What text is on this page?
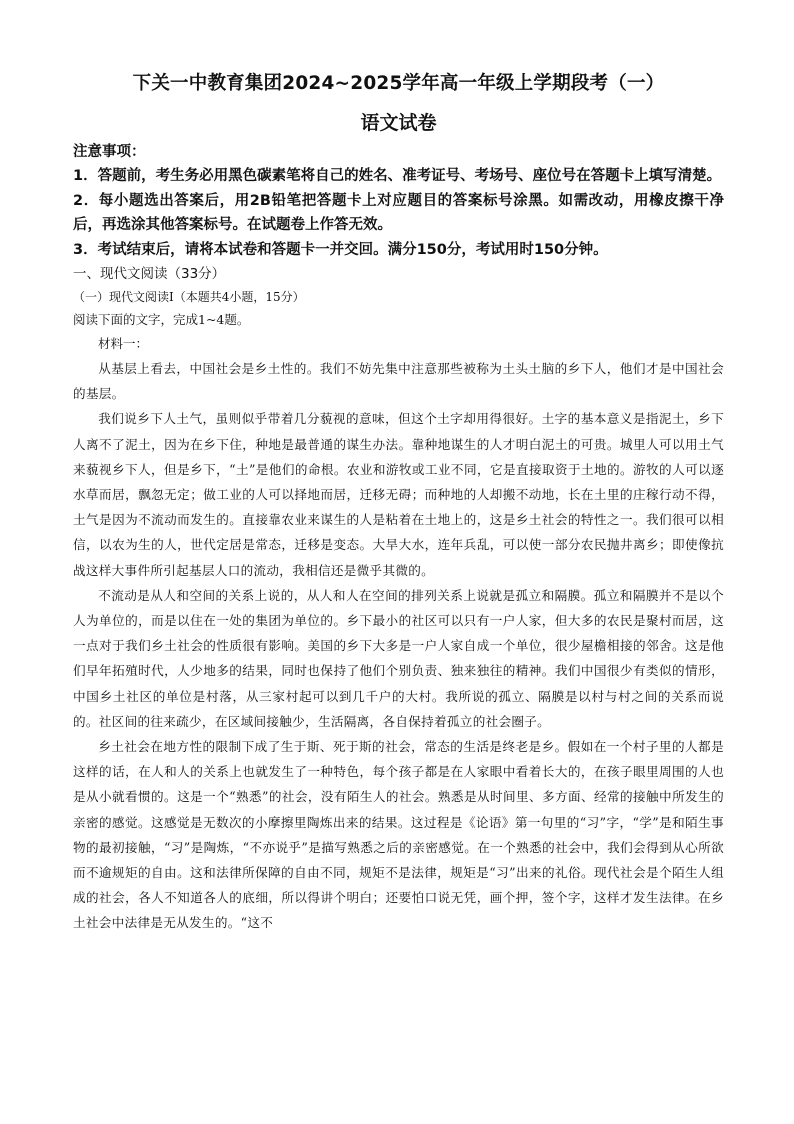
下关一中教育集团2024~2025学年高一年级上学期段考（一）
语文试卷
注意事项：
1．答题前，考生务必用黑色碳素笔将自己的姓名、准考证号、考场号、座位号在答题卡上填写清楚。
2．每小题选出答案后，用2B铅笔把答题卡上对应题目的答案标号涂黑。如需改动，用橡皮擦干净后，再选涂其他答案标号。在试题卷上作答无效。
3．考试结束后，请将本试卷和答题卡一并交回。满分150分，考试用时150分钟。
一、现代文阅读（33分）
（一）现代文阅读I（本题共4小题，15分）
阅读下面的文字，完成1~4题。
材料一：

从基层上看去，中国社会是乡土性的。我们不妨先集中注意那些被称为土头土脑的乡下人，他们才是中国社会的基层。

我们说乡下人土气，虽则似乎带着几分藐视的意味，但这个土字却用得很好。土字的基本意义是指泥土，乡下人离不了泥土，因为在乡下住，种地是最普通的谋生办法。靠种地谋生的人才明白泥土的可贵。城里人可以用土气来藐视乡下人，但是乡下，“土”是他们的命根。农业和游牧或工业不同，它是直接取资于土地的。游牧的人可以逐水草而居，飘忽无定；做工业的人可以择地而居，迁移无碍；而种地的人却搬不动地，长在土里的庄稼行动不得，土气是因为不流动而发生的。直接靠农业来谋生的人是粘着在土地上的，这是乡土社会的特性之一。我们很可以相信，以农为生的人，世代定居是常态，迁移是变态。大旱大水，连年兵乱，可以使一部分农民抛井离乡；即使像抗战这样大事件所引起基层人口的流动，我相信还是微乎其微的。

不流动是从人和空间的关系上说的，从人和人在空间的排列关系上说就是孤立和隔膜。孤立和隔膜并不是以个人为单位的，而是以住在一处的集团为单位的。乡下最小的社区可以只有一户人家，但大多的农民是聚村而居，这一点对于我们乡土社会的性质很有影响。美国的乡下大多是一户人家自成一个单位，很少屋檐相接的邻舍。这是他们早年拓殖时代，人少地多的结果，同时也保持了他们个别负责、独来独往的精神。我们中国很少有类似的情形，中国乡土社区的单位是村落，从三家村起可以到几千户的大村。我所说的孤立、隔膜是以村与村之间的关系而说的。社区间的往来疏少，在区域间接触少，生活隔离，各自保持着孤立的社会圈子。

乡土社会在地方性的限制下成了生于斯、死于斯的社会，常态的生活是终老是乡。假如在一个村子里的人都是这样的话，在人和人的关系上也就发生了一种特色，每个孩子都是在人家眼中看着长大的，在孩子眼里周围的人也是从小就看惯的。这是一个“熟悉”的社会，没有陌生人的社会。熟悉是从时间里、多方面、经常的接触中所发生的亲密的感觉。这感觉是无数次的小摩擦里陶炼出来的结果。这过程是《论语》第一句里的“习”字，“学”是和陌生事物的最初接触，“习”是陶炼，“不亦说乎”是描写熟悉之后的亲密感觉。在一个熟悉的社会中，我们会得到从心所欲而不逾规矩的自由。这和法律所保障的自由不同，规矩不是法律，规矩是“习”出来的礼俗。现代社会是个陌生人组成的社会，各人不知道各人的底细，所以得讲个明白；还要怕口说无凭，画个押，签个字，这样才发生法律。在乡土社会中法律是无从发生的。“这不
